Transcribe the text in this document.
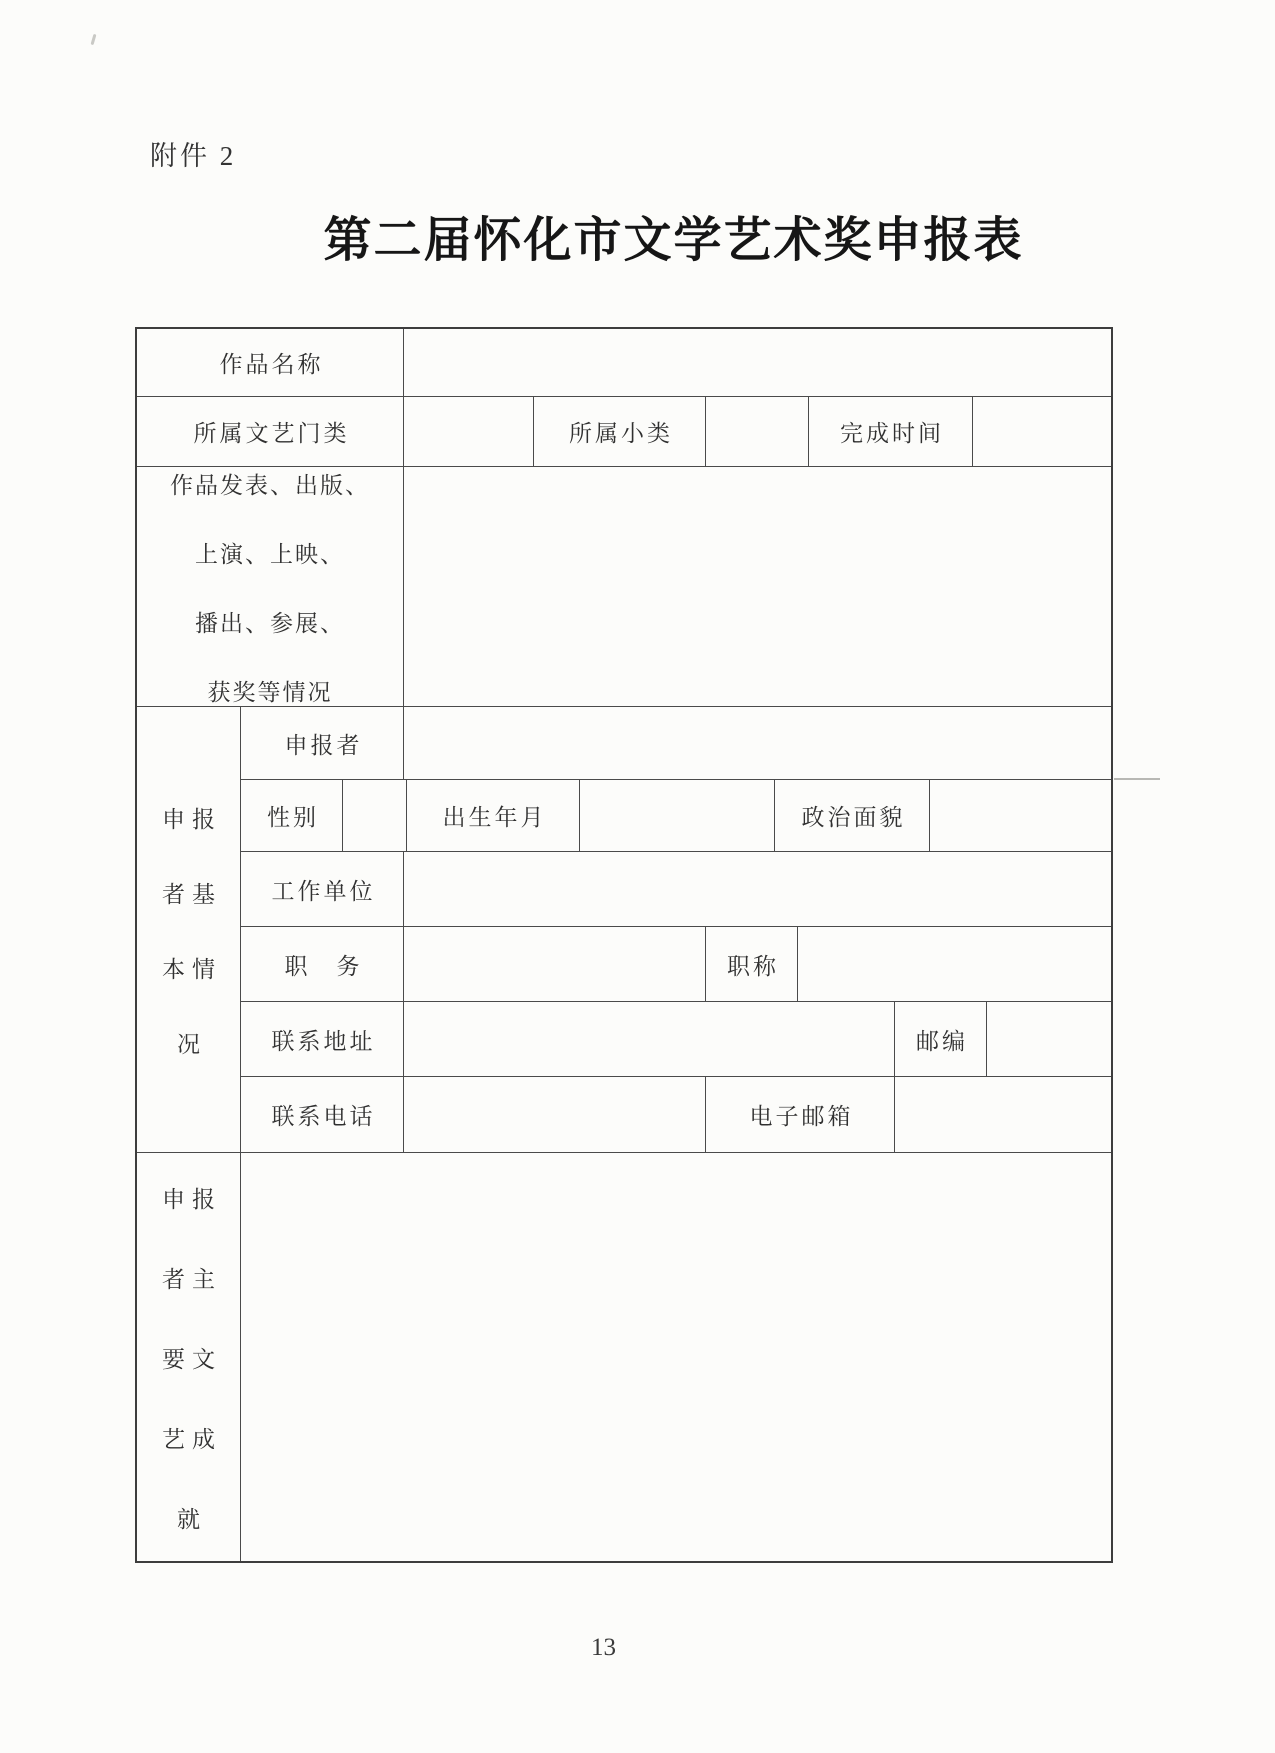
附件 2
第二届怀化市文学艺术奖申报表
作品名称
所属文艺门类	所属小类	完成时间
作品发表、出版、
上演、上映、
播出、参展、
获奖等情况
申报
者基
本情
况
申报者
性别	出生年月	政治面貌
工作单位
职　务	职称
联系地址	邮编
联系电话	电子邮箱
申报
者主
要文
艺成
就
13
